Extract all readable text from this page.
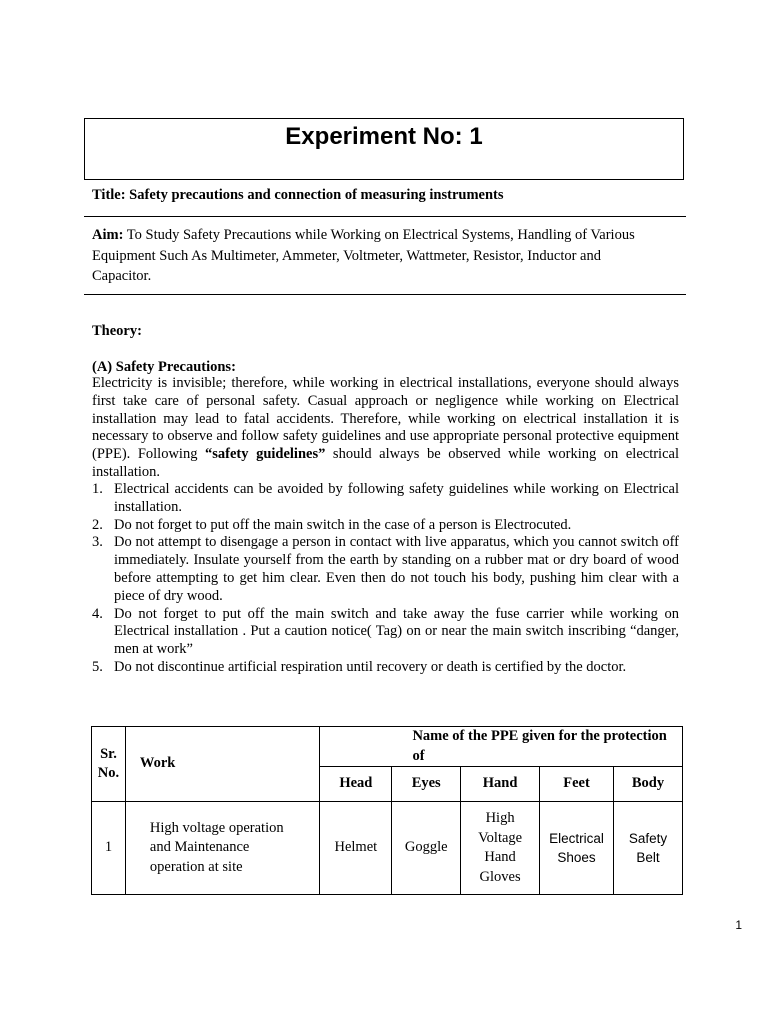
Experiment No: 1
Title: Safety precautions and connection of measuring instruments
Aim: To Study Safety Precautions while Working on Electrical Systems, Handling of Various Equipment Such As Multimeter, Ammeter, Voltmeter, Wattmeter, Resistor, Inductor and Capacitor.
Theory:
(A) Safety Precautions:
Electricity is invisible; therefore, while working in electrical installations, everyone should always first take care of personal safety. Casual approach or negligence while working on Electrical installation may lead to fatal accidents. Therefore, while working on electrical installation it is necessary to observe and follow safety guidelines and use appropriate personal protective equipment (PPE). Following “safety guidelines” should always be observed while working on electrical installation.
1. Electrical accidents can be avoided by following safety guidelines while working on Electrical installation.
2. Do not forget to put off the main switch in the case of a person is Electrocuted.
3. Do not attempt to disengage a person in contact with live apparatus, which you cannot switch off immediately. Insulate yourself from the earth by standing on a rubber mat or dry board of wood before attempting to get him clear. Even then do not touch his body, pushing him clear with a piece of dry wood.
4. Do not forget to put off the main switch and take away the fuse carrier while working on Electrical installation . Put a caution notice( Tag) on or near the main switch inscribing “danger, men at work”
5. Do not discontinue artificial respiration until recovery or death is certified by the doctor.
Sr. No.	Work	Name of the PPE given for the protection of				
		Head	Eyes	Hand	Feet	Body
1	High voltage operation and Maintenance operation at site	Helmet	Goggle	High Voltage Hand Gloves	Electrical Shoes	Safety Belt
1
